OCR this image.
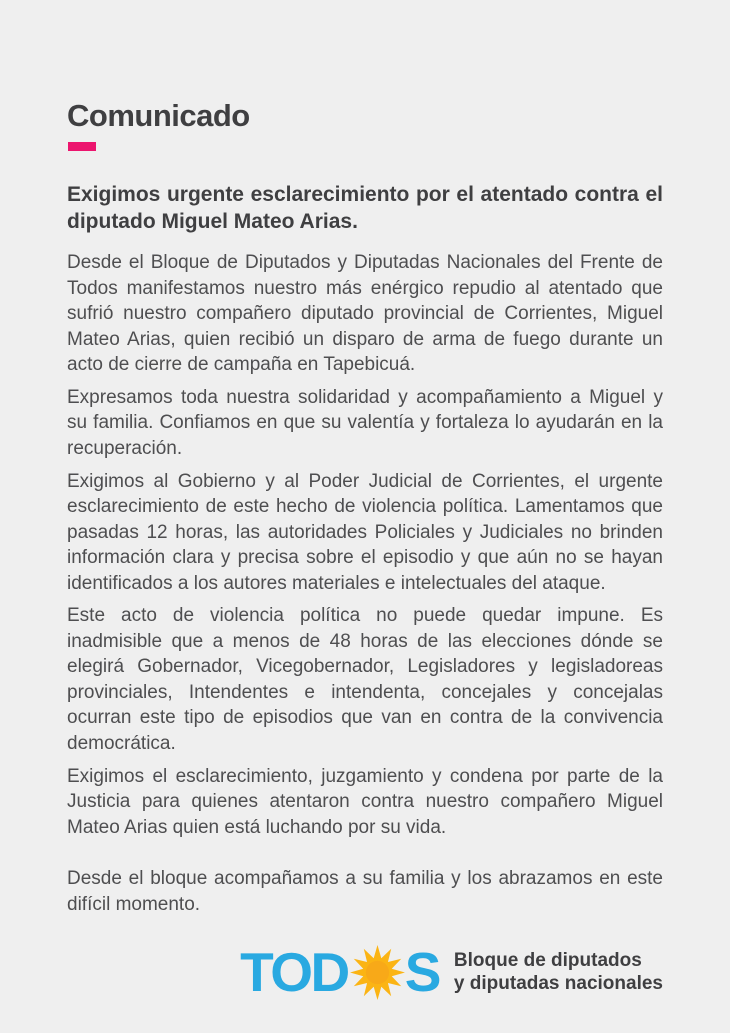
Comunicado
Exigimos urgente esclarecimiento por el atentado contra el diputado Miguel Mateo Arias.

Desde el Bloque de Diputados y Diputadas Nacionales del Frente de Todos manifestamos nuestro más enérgico repudio al atentado que sufrió nuestro compañero diputado provincial de Corrientes, Miguel Mateo Arias, quien recibió un disparo de arma de fuego durante un acto de cierre de campaña en Tapebicuá.

Expresamos toda nuestra solidaridad y acompañamiento a Miguel y su familia. Confiamos en que su valentía y fortaleza lo ayudarán en la recuperación.

Exigimos al Gobierno y al Poder Judicial de Corrientes, el urgente esclarecimiento de este hecho de violencia política. Lamentamos que pasadas 12 horas, las autoridades Policiales y Judiciales no brinden información clara y precisa sobre el episodio y que aún no se hayan identificados a los autores materiales e intelectuales del ataque.

Este acto de violencia política no puede quedar impune. Es inadmisible que a menos de 48 horas de las elecciones dónde se elegirá Gobernador, Vicegobernador, Legisladores y legisladoreas provinciales, Intendentes e intendenta, concejales y concejalas ocurran este tipo de episodios que van en contra de la convivencia democrática.

Exigimos el esclarecimiento, juzgamiento y condena por parte de la Justicia para quienes atentaron contra nuestro compañero Miguel Mateo Arias quien está luchando por su vida.

Desde el bloque acompañamos a su familia y los abrazamos en este difícil momento.

TOD S Bloque de diputados
y diputadas nacionales
